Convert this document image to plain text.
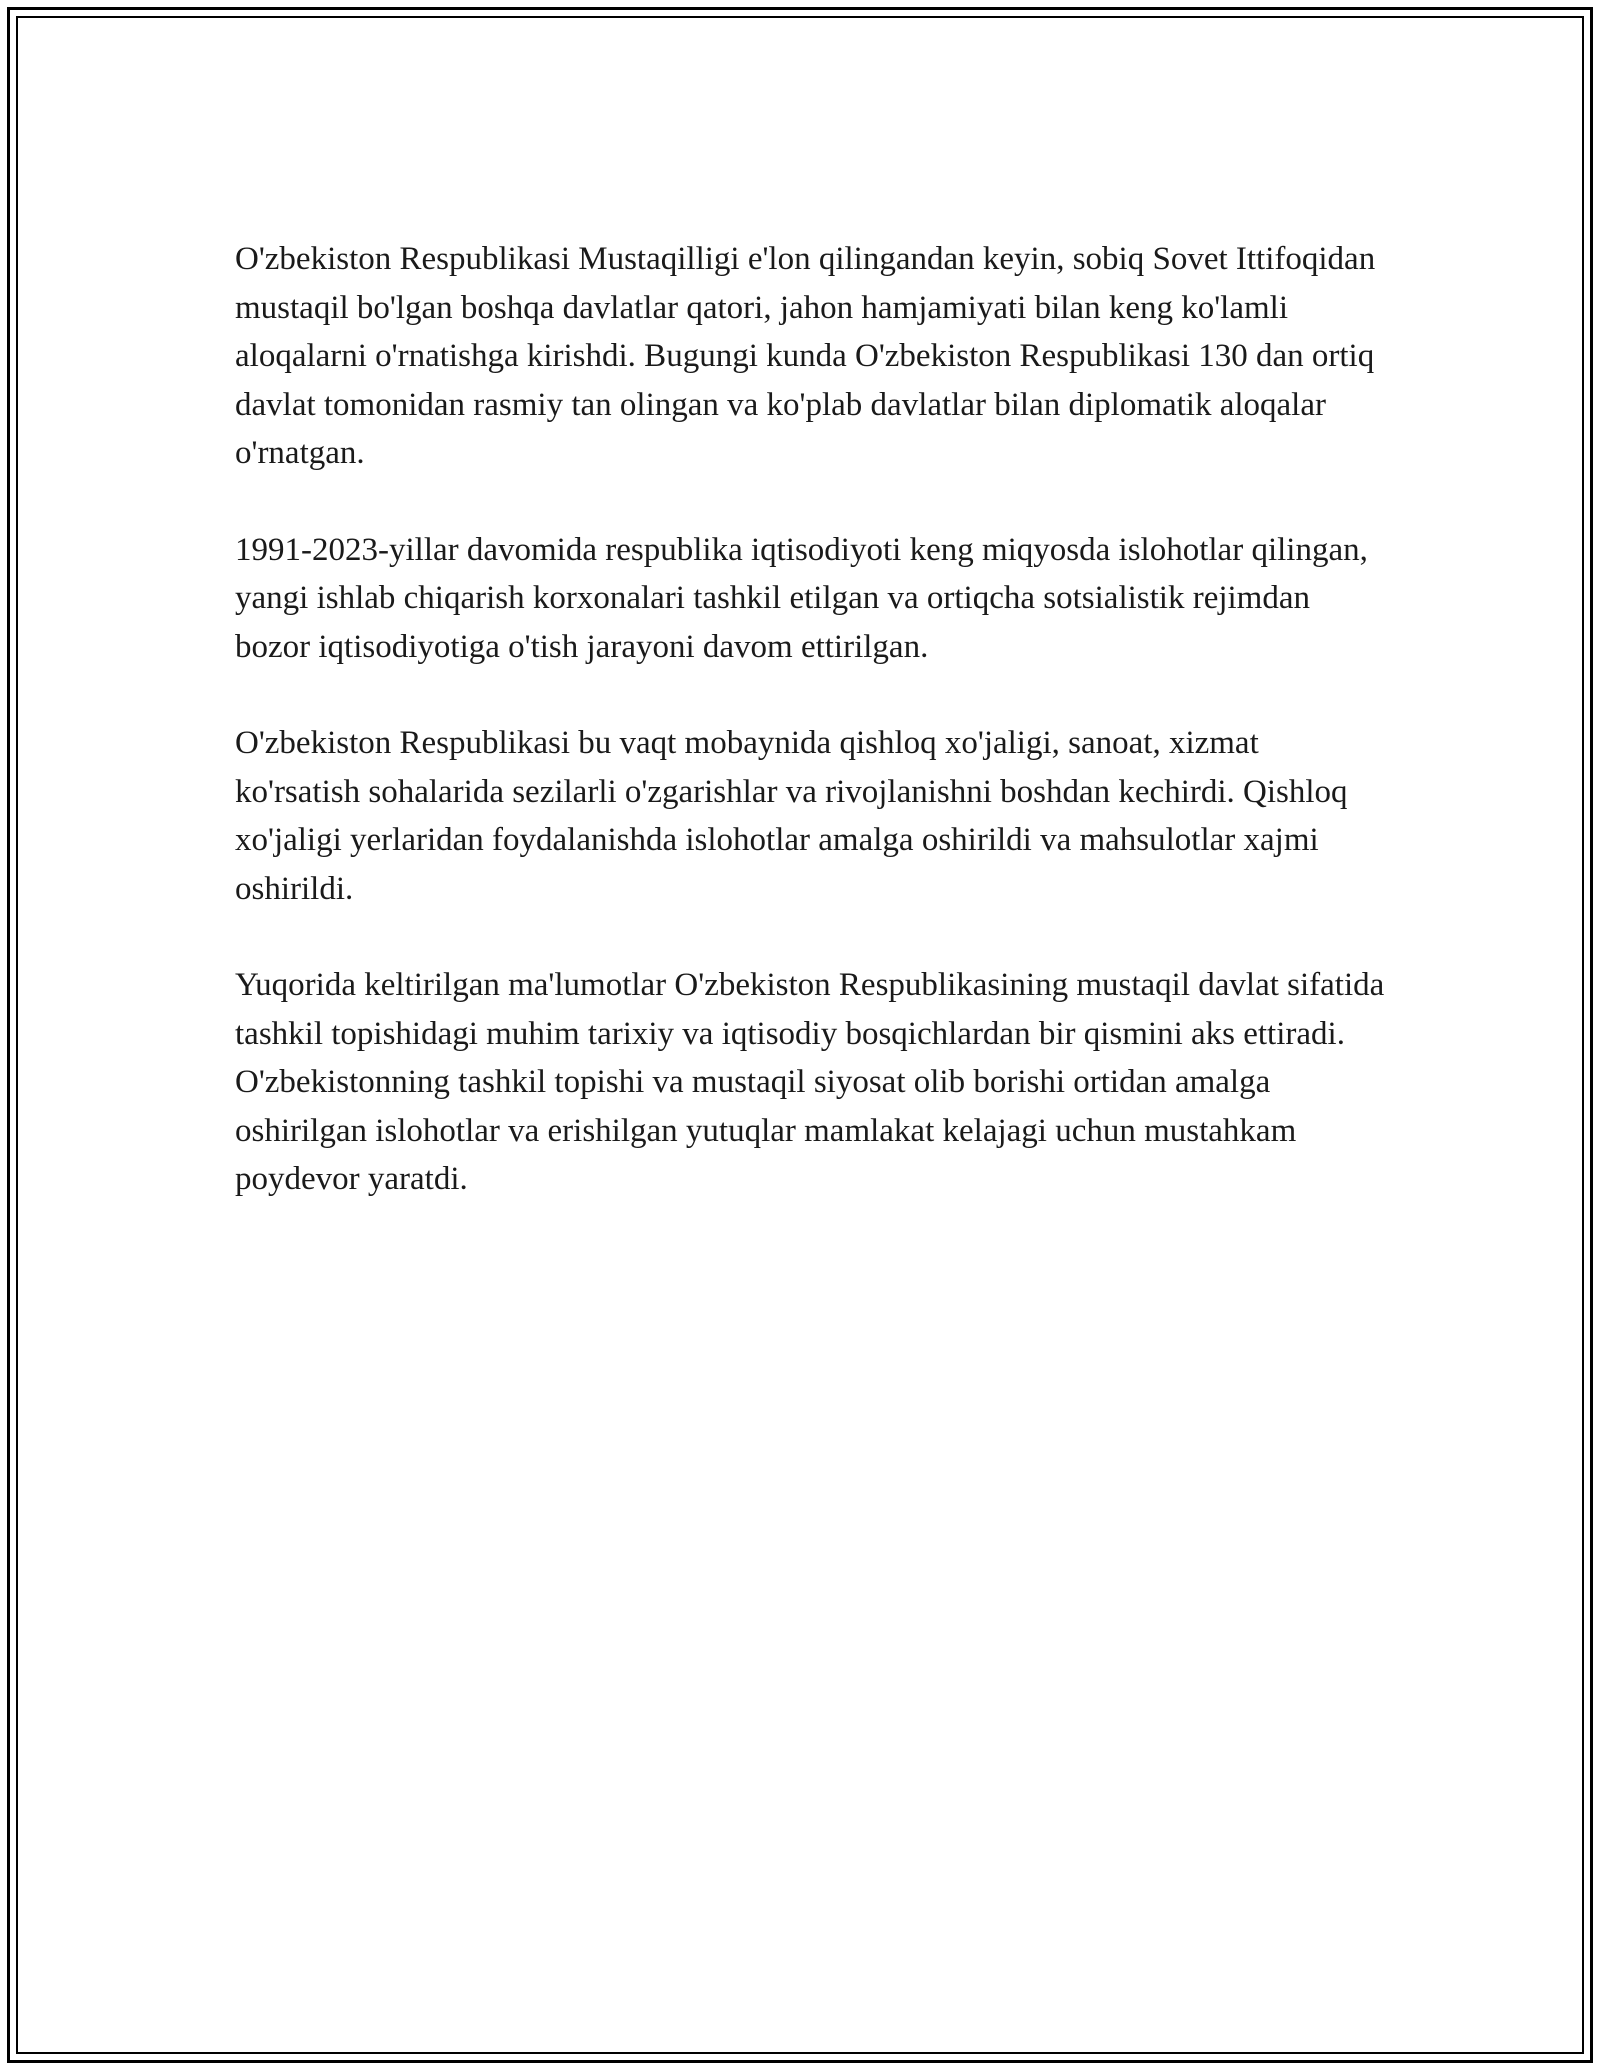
O'zbekiston Respublikasi Mustaqilligi e'lon qilingandan keyin, sobiq Sovet Ittifoqidan mustaqil bo'lgan boshqa davlatlar qatori, jahon hamjamiyati bilan keng ko'lamli aloqalarni o'rnatishga kirishdi. Bugungi kunda O'zbekiston Respublikasi 130 dan ortiq davlat tomonidan rasmiy tan olingan va ko'plab davlatlar bilan diplomatik aloqalar o'rnatgan.

1991-2023-yillar davomida respublika iqtisodiyoti keng miqyosda islohotlar qilingan, yangi ishlab chiqarish korxonalari tashkil etilgan va ortiqcha sotsialistik rejimdan bozor iqtisodiyotiga o'tish jarayoni davom ettirilgan.

O'zbekiston Respublikasi bu vaqt mobaynida qishloq xo'jaligi, sanoat, xizmat ko'rsatish sohalarida sezilarli o'zgarishlar va rivojlanishni boshdan kechirdi. Qishloq xo'jaligi yerlaridan foydalanishda islohotlar amalga oshirildi va mahsulotlar xajmi oshirildi.

Yuqorida keltirilgan ma'lumotlar O'zbekiston Respublikasining mustaqil davlat sifatida tashkil topishidagi muhim tarixiy va iqtisodiy bosqichlardan bir qismini aks ettiradi. O'zbekistonning tashkil topishi va mustaqil siyosat olib borishi ortidan amalga oshirilgan islohotlar va erishilgan yutuqlar mamlakat kelajagi uchun mustahkam poydevor yaratdi.
